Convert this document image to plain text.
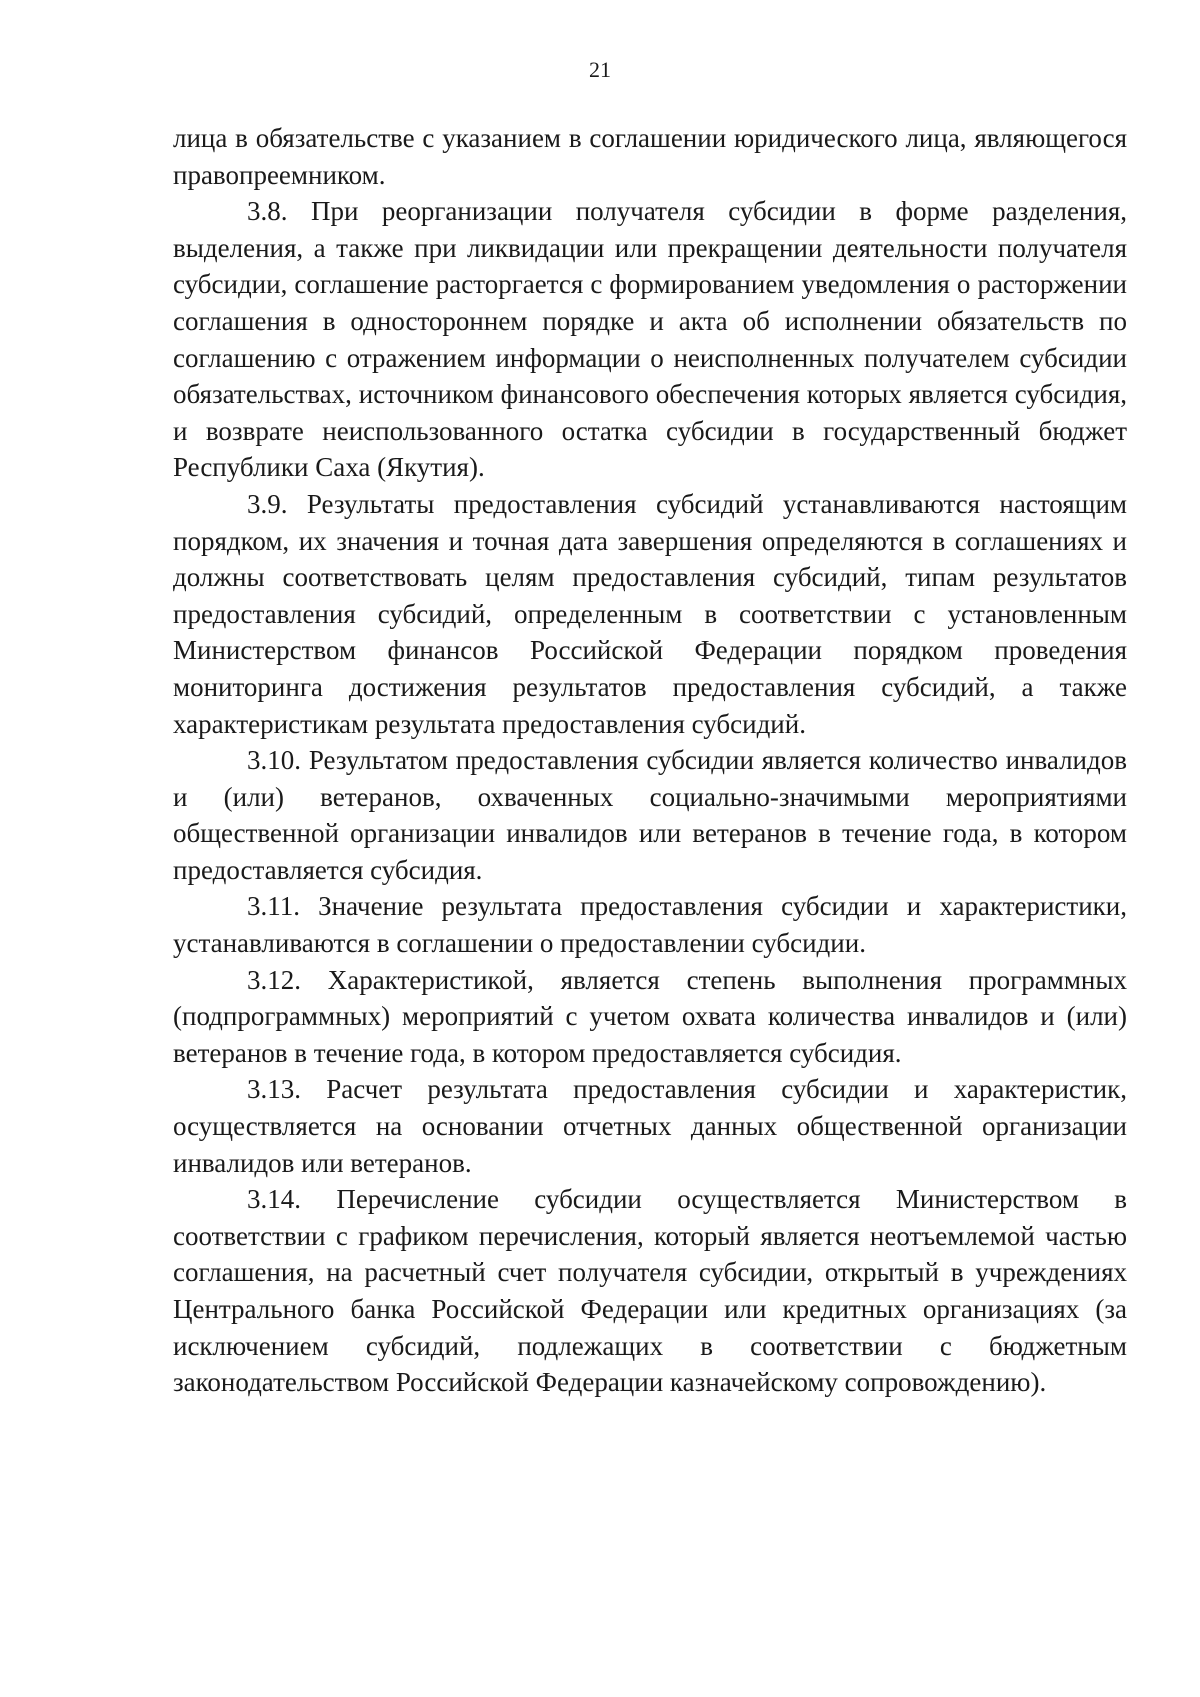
21

лица в обязательстве с указанием в соглашении юридического лица, являющегося правопреемником.

3.8. При реорганизации получателя субсидии в форме разделения, выделения, а также при ликвидации или прекращении деятельности получателя субсидии, соглашение расторгается с формированием уведомления о расторжении соглашения в одностороннем порядке и акта об исполнении обязательств по соглашению с отражением информации о неисполненных получателем субсидии обязательствах, источником финансового обеспечения которых является субсидия, и возврате неиспользованного остатка субсидии в государственный бюджет Республики Саха (Якутия).

3.9. Результаты предоставления субсидий устанавливаются настоящим порядком, их значения и точная дата завершения определяются в соглашениях и должны соответствовать целям предоставления субсидий, типам результатов предоставления субсидий, определенным в соответствии с установленным Министерством финансов Российской Федерации порядком проведения мониторинга достижения результатов предоставления субсидий, а также характеристикам результата предоставления субсидий.

3.10. Результатом предоставления субсидии является количество инвалидов и (или) ветеранов, охваченных социально-значимыми мероприятиями общественной организации инвалидов или ветеранов в течение года, в котором предоставляется субсидия.

3.11. Значение результата предоставления субсидии и характеристики, устанавливаются в соглашении о предоставлении субсидии.

3.12. Характеристикой, является степень выполнения программных (подпрограммных) мероприятий с учетом охвата количества инвалидов и (или) ветеранов в течение года, в котором предоставляется субсидия.

3.13. Расчет результата предоставления субсидии и характеристик, осуществляется на основании отчетных данных общественной организации инвалидов или ветеранов.

3.14. Перечисление субсидии осуществляется Министерством в соответствии с графиком перечисления, который является неотъемлемой частью соглашения, на расчетный счет получателя субсидии, открытый в учреждениях Центрального банка Российской Федерации или кредитных организациях (за исключением субсидий, подлежащих в соответствии с бюджетным законодательством Российской Федерации казначейскому сопровождению).
